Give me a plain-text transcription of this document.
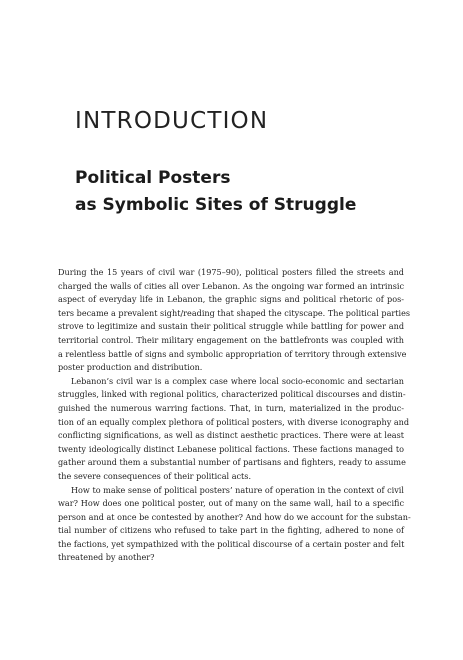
INTRODUCTION
Political Posters
as Symbolic Sites of Struggle
During the 15 years of civil war (1975–90), political posters filled the streets and
charged the walls of cities all over Lebanon. As the ongoing war formed an intrinsic
aspect of everyday life in Lebanon, the graphic signs and political rhetoric of pos-
ters became a prevalent sight/reading that shaped the cityscape. The political parties
strove to legitimize and sustain their political struggle while battling for power and
territorial control. Their military engagement on the battlefronts was coupled with
a relentless battle of signs and symbolic appropriation of territory through extensive
poster production and distribution.
Lebanon’s civil war is a complex case where local socio-economic and sectarian
struggles, linked with regional politics, characterized political discourses and distin-
guished the numerous warring factions. That, in turn, materialized in the produc-
tion of an equally complex plethora of political posters, with diverse iconography and
conflicting significations, as well as distinct aesthetic practices. There were at least
twenty ideologically distinct Lebanese political factions. These factions managed to
gather around them a substantial number of partisans and fighters, ready to assume
the severe consequences of their political acts.
How to make sense of political posters’ nature of operation in the context of civil
war? How does one political poster, out of many on the same wall, hail to a specific
person and at once be contested by another? And how do we account for the substan-
tial number of citizens who refused to take part in the fighting, adhered to none of
the factions, yet sympathized with the political discourse of a certain poster and felt
threatened by another?
